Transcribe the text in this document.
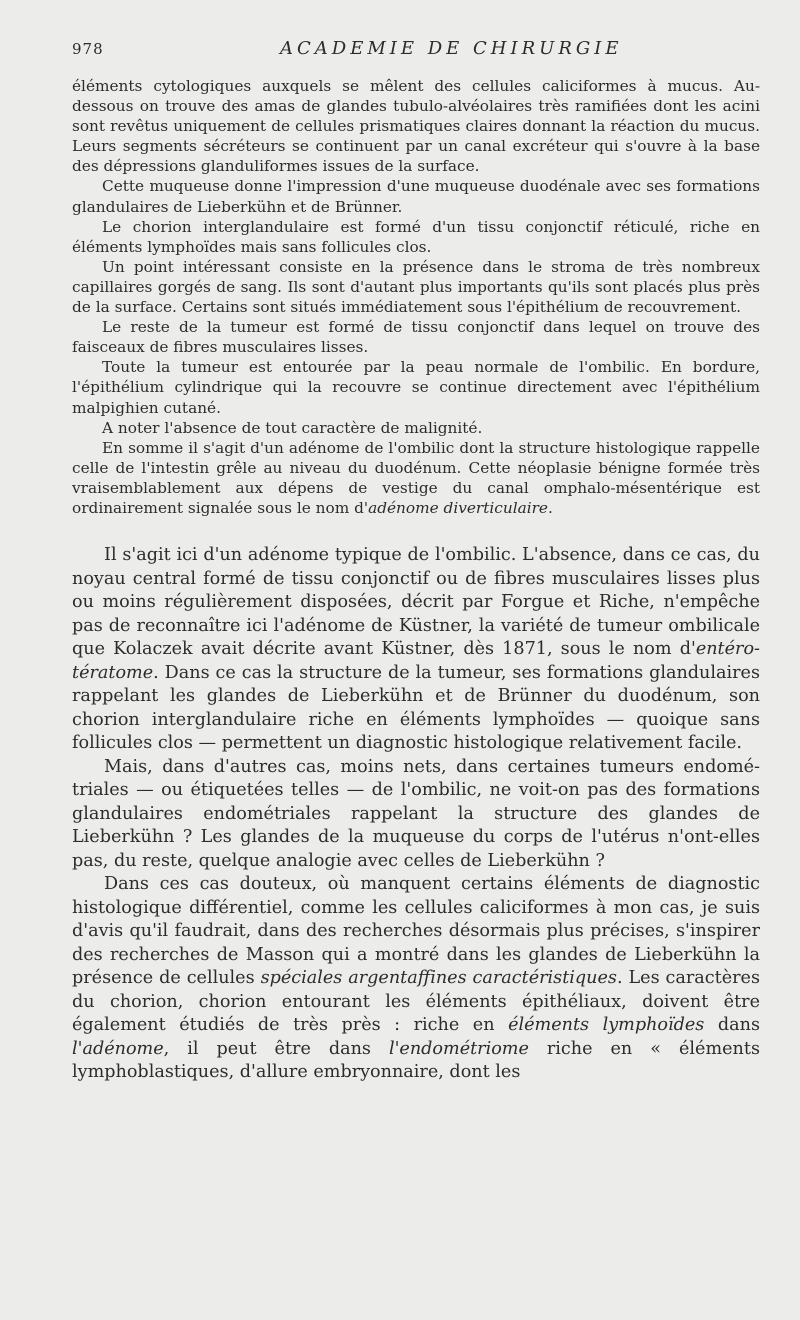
978	ACADEMIE DE CHIRURGIE

éléments cytologiques auxquels se mêlent des cellules caliciformes à mucus. Au-dessous on trouve des amas de glandes tubulo-alvéolaires très ramifiées dont les acini sont revêtus uniquement de cellules prismatiques claires donnant la réaction du mucus. Leurs segments sécréteurs se continuent par un canal excréteur qui s'ouvre à la base des dépressions glanduliformes issues de la surface.

Cette muqueuse donne l'impression d'une muqueuse duodénale avec ses formations glandulaires de Lieberkühn et de Brünner.

Le chorion interglandulaire est formé d'un tissu conjonctif réticulé, riche en éléments lymphoïdes mais sans follicules clos.

Un point intéressant consiste en la présence dans le stroma de très nombreux capillaires gorgés de sang. Ils sont d'autant plus importants qu'ils sont placés plus près de la surface. Certains sont situés immédiatement sous l'épithélium de recouvrement.

Le reste de la tumeur est formé de tissu conjonctif dans lequel on trouve des faisceaux de fibres musculaires lisses.

Toute la tumeur est entourée par la peau normale de l'ombilic. En bordure, l'épithélium cylindrique qui la recouvre se continue directement avec l'épithélium malpighien cutané.

A noter l'absence de tout caractère de malignité.

En somme il s'agit d'un adénome de l'ombilic dont la structure histologique rappelle celle de l'intestin grêle au niveau du duodénum. Cette néoplasie bénigne formée très vraisemblablement aux dépens de vestige du canal omphalo-mésentérique est ordinairement signalée sous le nom d'adénome diverticulaire.

Il s'agit ici d'un adénome typique de l'ombilic. L'absence, dans ce cas, du noyau central formé de tissu conjonctif ou de fibres musculaires lisses plus ou moins régulièrement disposées, décrit par Forgue et Riche, n'empêche pas de reconnaître ici l'adénome de Küstner, la variété de tumeur ombilicale que Kolaczek avait décrite avant Küstner, dès 1871, sous le nom d'entéro-tératome. Dans ce cas la structure de la tumeur, ses formations glandulaires rappelant les glandes de Lieberkühn et de Brünner du duodénum, son chorion interglandulaire riche en éléments lymphoïdes — quoique sans follicules clos — permettent un diagnostic histologique relativement facile.

Mais, dans d'autres cas, moins nets, dans certaines tumeurs endométriales — ou étiquetées telles — de l'ombilic, ne voit-on pas des formations glandulaires endométriales rappelant la structure des glandes de Lieberkühn ? Les glandes de la muqueuse du corps de l'utérus n'ont-elles pas, du reste, quelque analogie avec celles de Lieberkühn ?

Dans ces cas douteux, où manquent certains éléments de diagnostic histologique différentiel, comme les cellules caliciformes à mon cas, je suis d'avis qu'il faudrait, dans des recherches désormais plus précises, s'inspirer des recherches de Masson qui a montré dans les glandes de Lieberkühn la présence de cellules spéciales argentaffines caractéristiques. Les caractères du chorion, chorion entourant les éléments épithéliaux, doivent être également étudiés de très près : riche en éléments lymphoïdes dans l'adénome, il peut être dans l'endométriome riche en « éléments lymphoblastiques, d'allure embryonnaire, dont les
